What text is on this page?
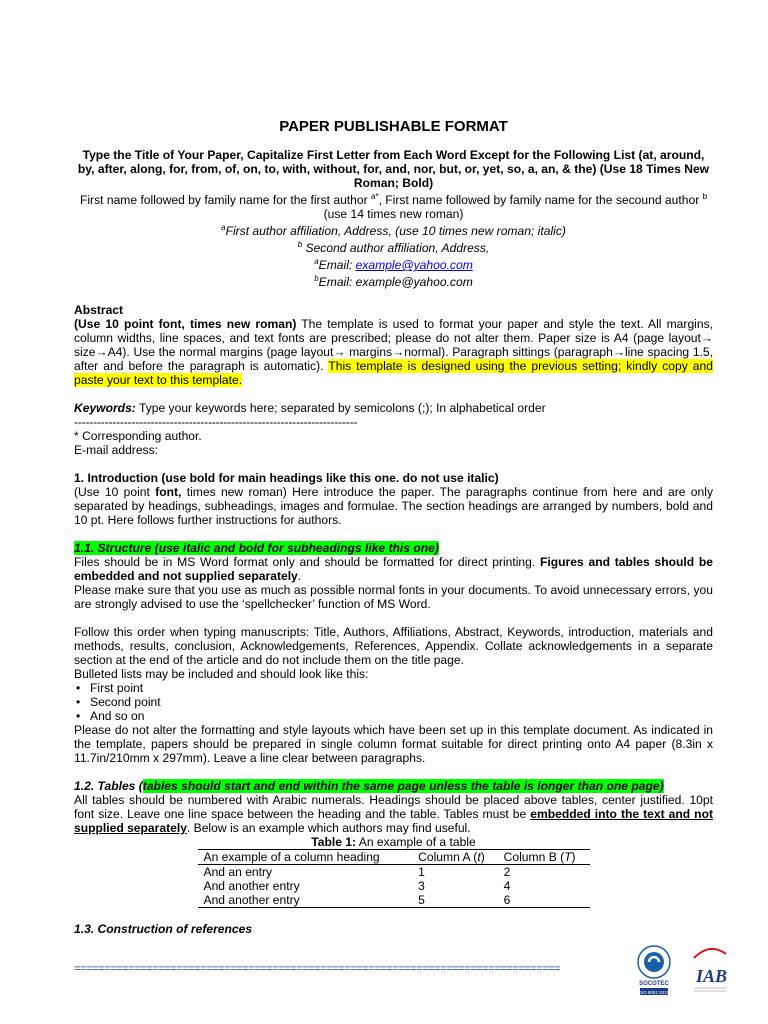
PAPER PUBLISHABLE FORMAT
Type the Title of Your Paper, Capitalize First Letter from Each Word Except for the Following List (at, around, by, after, along, for, from, of, on, to, with, without, for, and, nor, but, or, yet, so, a, an, & the) (Use 18 Times New Roman; Bold)
First name followed by family name for the first author $^{a*}$, First name followed by family name for the secound author $^b$ (use 14 times new roman)
$^a$First author affiliation, Address, (use 10 times new roman; italic)
$^b$ Second author affiliation, Address,
$^a$Email: example@yahoo.com
$^b$Email: example@yahoo.com
Abstract
(Use 10 point font, times new roman) The template is used to format your paper and style the text. All margins, column widths, line spaces, and text fonts are prescribed; please do not alter them. Paper size is A4 (page layout→ size→A4). Use the normal margins (page layout→ margins→normal). Paragraph sittings (paragraph→line spacing 1.5, after and before the paragraph is automatic). This template is designed using the previous setting; kindly copy and paste your text to this template.
Keywords: Type your keywords here; separated by semicolons (;); In alphabetical order
--------------------------------------------------------------------------
* Corresponding author.
E-mail address:
1. Introduction (use bold for main headings like this one. do not use italic)
(Use 10 point font, times new roman) Here introduce the paper. The paragraphs continue from here and are only separated by headings, subheadings, images and formulae. The section headings are arranged by numbers, bold and 10 pt. Here follows further instructions for authors.
1.1. Structure (use italic and bold for subheadings like this one)
Files should be in MS Word format only and should be formatted for direct printing. Figures and tables should be embedded and not supplied separately.
Please make sure that you use as much as possible normal fonts in your documents. To avoid unnecessary errors, you are strongly advised to use the ‘spellchecker’ function of MS Word.
Follow this order when typing manuscripts: Title, Authors, Affiliations, Abstract, Keywords, introduction, materials and methods, results, conclusion, Acknowledgements, References, Appendix. Collate acknowledgements in a separate section at the end of the article and do not include them on the title page.
Bulleted lists may be included and should look like this:
• First point
• Second point
• And so on
Please do not alter the formatting and style layouts which have been set up in this template document. As indicated in the template, papers should be prepared in single column format suitable for direct printing onto A4 paper (8.3in x 11.7in/210mm x 297mm). Leave a line clear between paragraphs.
1.2. Tables (tables should start and end within the same page unless the table is longer than one page)
All tables should be numbered with Arabic numerals. Headings should be placed above tables, center justified. 10pt font size. Leave one line space between the heading and the table. Tables must be embedded into the text and not supplied separately. Below is an example which authors may find useful.
Table 1: An example of a table
An example of a column heading	Column A (t)	Column B (T)
And an entry	1	2
And another entry	3	4
And another entry	5	6
1.3. Construction of references
=================================================================================
SOCOTEC
ISO 9001:2015
IAB
